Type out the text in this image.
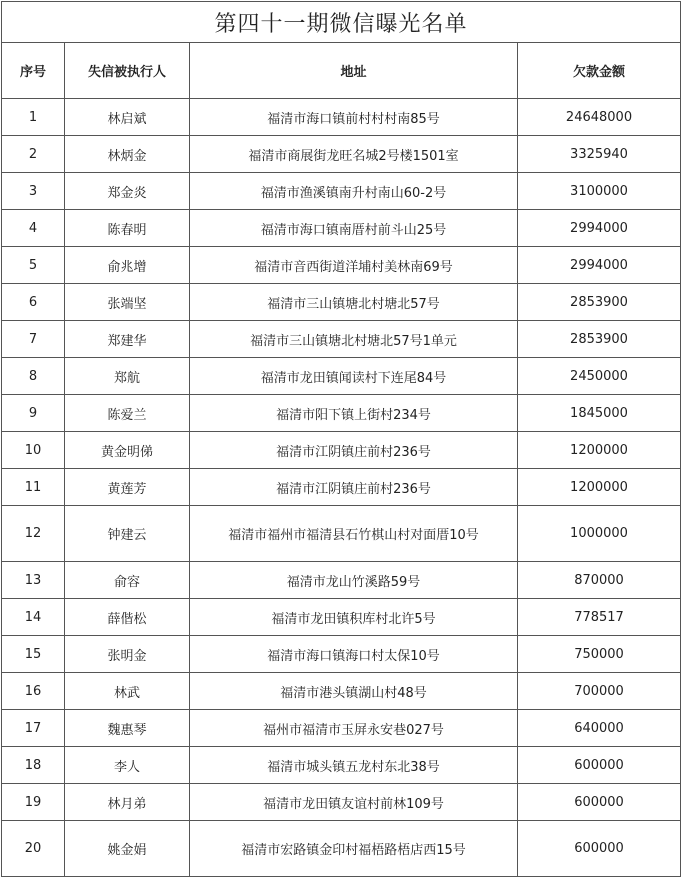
第四十一期微信曝光名单			
序号	失信被执行人	地址	欠款金额
1	林启斌	福清市海口镇前村村村南85号	24648000
2	林炳金	福清市商展街龙旺名城2号楼1501室	3325940
3	郑金炎	福清市渔溪镇南升村南山60-2号	3100000
4	陈春明	福清市海口镇南厝村前斗山25号	2994000
5	俞兆增	福清市音西街道洋埔村美林南69号	2994000
6	张端坚	福清市三山镇塘北村塘北57号	2853900
7	郑建华	福清市三山镇塘北村塘北57号1单元	2853900
8	郑航	福清市龙田镇闻读村下连尾84号	2450000
9	陈爱兰	福清市阳下镇上街村234号	1845000
10	黄金明俤	福清市江阴镇庄前村236号	1200000
11	黄莲芳	福清市江阴镇庄前村236号	1200000
12	钟建云	福清市福州市福清县石竹棋山村对面厝10号	1000000
13	俞容	福清市龙山竹溪路59号	870000
14	薛偕松	福清市龙田镇积库村北许5号	778517
15	张明金	福清市海口镇海口村太保10号	750000
16	林武	福清市港头镇湖山村48号	700000
17	魏惠琴	福州市福清市玉屏永安巷027号	640000
18	李人	福清市城头镇五龙村东北38号	600000
19	林月弟	福清市龙田镇友谊村前林109号	600000
20	姚金娟	福清市宏路镇金印村福梧路梧店西15号	600000
